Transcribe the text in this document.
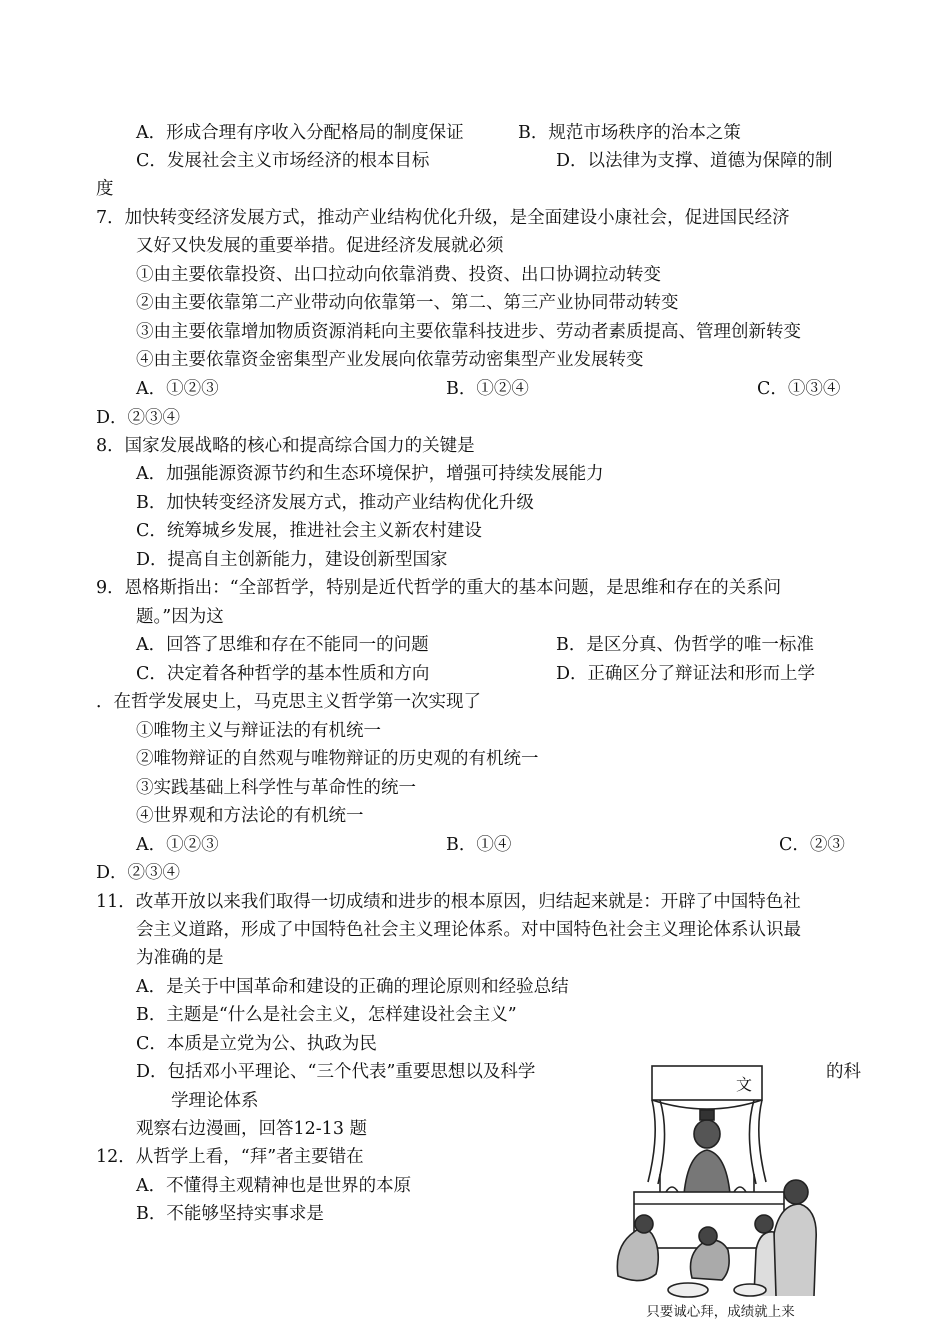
A．形成合理有序收入分配格局的制度保证	B．规范市场秩序的治本之策
C．发展社会主义市场经济的根本目标	D．以法律为支撑、道德为保障的制
度
7．加快转变经济发展方式，推动产业结构优化升级，是全面建设小康社会，促进国民经济
又好又快发展的重要举措。促进经济发展就必须
①由主要依靠投资、出口拉动向依靠消费、投资、出口协调拉动转变
②由主要依靠第二产业带动向依靠第一、第二、第三产业协同带动转变
③由主要依靠增加物质资源消耗向主要依靠科技进步、劳动者素质提高、管理创新转变
④由主要依靠资金密集型产业发展向依靠劳动密集型产业发展转变
A．①②③	B．①②④	C．①③④
D．②③④
8．国家发展战略的核心和提高综合国力的关键是
A．加强能源资源节约和生态环境保护，增强可持续发展能力
B．加快转变经济发展方式，推动产业结构优化升级
C．统筹城乡发展，推进社会主义新农村建设
D．提高自主创新能力，建设创新型国家
9．恩格斯指出：“全部哲学，特别是近代哲学的重大的基本问题，是思维和存在的关系问
题。”因为这
A．回答了思维和存在不能同一的问题	B．是区分真、伪哲学的唯一标准
C．决定着各种哲学的基本性质和方向	D．正确区分了辩证法和形而上学
．在哲学发展史上，马克思主义哲学第一次实现了
①唯物主义与辩证法的有机统一
②唯物辩证的自然观与唯物辩证的历史观的有机统一
③实践基础上科学性与革命性的统一
④世界观和方法论的有机统一
A．①②③	B．①④	C．②③
D．②③④
11．改革开放以来我们取得一切成绩和进步的根本原因，归结起来就是：开辟了中国特色社
会主义道路，形成了中国特色社会主义理论体系。对中国特色社会主义理论体系认识最
为准确的是
A．是关于中国革命和建设的正确的理论原则和经验总结
B．主题是“什么是社会主义，怎样建设社会主义”
C．本质是立党为公、执政为民
D．包括邓小平理论、“三个代表”重要思想以及科学	的科
学理论体系
观察右边漫画，回答12-13 题
12．从哲学上看，“拜”者主要错在
A．不懂得主观精神也是世界的本原
B．不能够坚持实事求是
文
只要诚心拜，成绩就上来
